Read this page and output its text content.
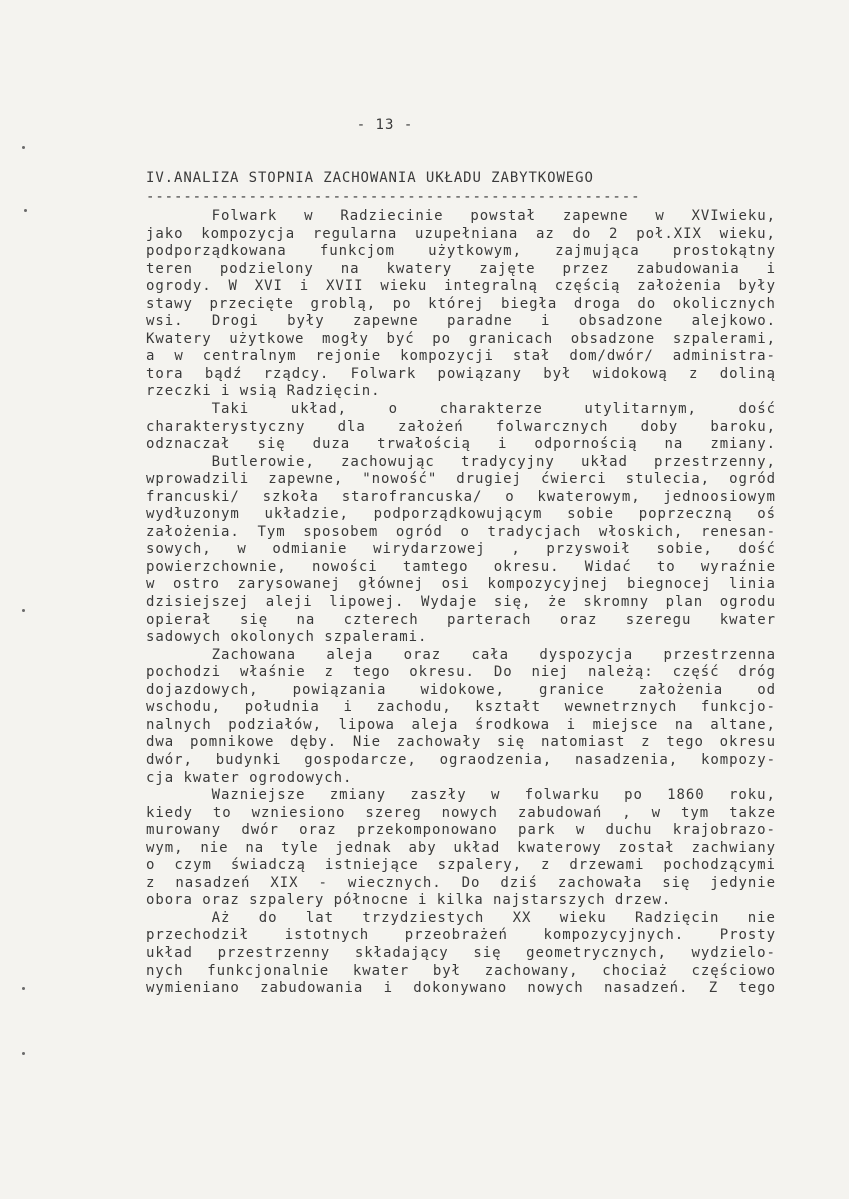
- 13 -
IV.ANALIZA STOPNIA ZACHOWANIA UKŁADU ZABYTKOWEGO
-----------------------------------------------------
Folwark w Radziecinie powstał zapewne w XVIwieku,
jako kompozycja regularna uzupełniana az do 2 poł.XIX wieku,
podporządkowana funkcjom użytkowym, zajmująca prostokątny
teren podzielony na kwatery zajęte przez zabudowania i
ogrody. W XVI i XVII wieku integralną częścią założenia były
stawy przecięte groblą, po której biegła droga do okolicznych
wsi. Drogi były zapewne paradne i obsadzone alejkowo.
Kwatery użytkowe mogły być po granicach obsadzone szpalerami,
a w centralnym rejonie kompozycji stał dom/dwór/ administra-
tora bądź rządcy. Folwark powiązany był widokową z doliną
rzeczki i wsią Radzięcin.
Taki	układ,	o	charakterze	utylitarnym,	dość
charakterystyczny dla założeń folwarcznych doby baroku,
odznaczał się duza trwałością i odpornością na zmiany.
Butlerowie, zachowując tradycyjny układ przestrzenny,
wprowadzili zapewne, "nowość" drugiej ćwierci stulecia, ogród
francuski/ szkoła starofrancuska/ o kwaterowym, jednoosiowym
wydłuzonym układzie, podporządkowującym sobie poprzeczną oś
założenia. Tym sposobem ogród o tradycjach włoskich, renesan-
sowych, w odmianie wirydarzowej , przyswoił sobie, dość
powierzchownie, nowości tamtego okresu. Widać to wyraźnie
w ostro zarysowanej głównej osi kompozycyjnej biegnocej linia
dzisiejszej aleji lipowej. Wydaje się, że skromny plan ogrodu
opierał się na czterech parterach oraz szeregu kwater
sadowych okolonych szpalerami.
Zachowana aleja oraz cała dyspozycja przestrzenna
pochodzi właśnie z tego okresu. Do niej należą: część dróg
dojazdowych, powiązania widokowe, granice założenia od
wschodu, południa i zachodu, kształt wewnetrznych funkcjo-
nalnych podziałów, lipowa aleja środkowa i miejsce na altane,
dwa pomnikowe dęby. Nie zachowały się natomiast z tego okresu
dwór, budynki gospodarcze, ograodzenia, nasadzenia, kompozy-
cja kwater ogrodowych.
Wazniejsze zmiany zaszły w folwarku po 1860 roku,
kiedy to wzniesiono szereg nowych zabudowań , w tym takze
murowany dwór oraz przekomponowano park w duchu krajobrazo-
wym, nie na tyle jednak aby układ kwaterowy został zachwiany
o czym świadczą istniejące szpalery, z drzewami pochodzącymi
z nasadzeń XIX - wiecznych. Do dziś zachowała się jedynie
obora oraz szpalery północne i kilka najstarszych drzew.
Aż do lat trzydziestych XX wieku Radzięcin nie
przechodził	istotnych	przeobrażeń	kompozycyjnych.	Prosty
układ przestrzenny składający się geometrycznych, wydzielo-
nych funkcjonalnie kwater był zachowany, chociaż częściowo
wymieniano zabudowania i dokonywano nowych nasadzeń. Z tego
